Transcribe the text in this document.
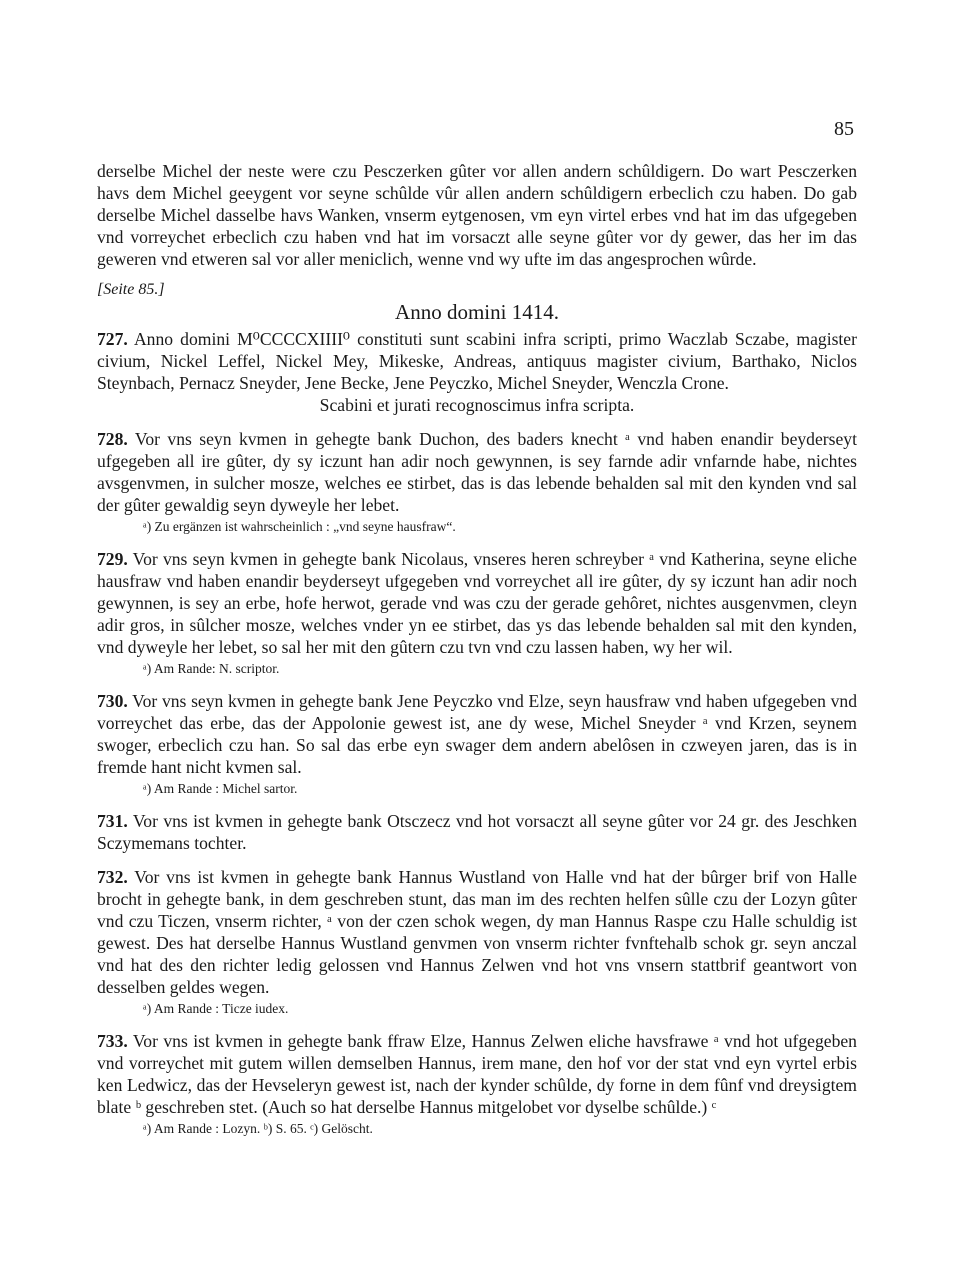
85

derselbe Michel der neste were czu Pesczerken gûter vor allen andern schûldigern. Do wart Pesczerken havs dem Michel geeygent vor seyne schûlde vûr allen andern schûldigern erbeclich czu haben. Do gab derselbe Michel dasselbe havs Wanken, vnserm eytgenosen, vm eyn virtel erbes vnd hat im das ufgegeben vnd vorreychet erbeclich czu haben vnd hat im vorsaczt alle seyne gûter vor dy gewer, das her im das geweren vnd etweren sal vor aller meniclich, wenne vnd wy ufte im das angesprochen wûrde.

[Seite 85.]
Anno domini 1414.

727. Anno domini M⁰CCCCXIIII⁰ constituti sunt scabini infra scripti, primo Waczlab Sczabe, magister civium, Nickel Leffel, Nickel Mey, Mikeske, Andreas, antiquus magister civium, Barthako, Niclos Steynbach, Pernacz Sneyder, Jene Becke, Jene Peyczko, Michel Sneyder, Wenczla Crone.

Scabini et jurati recognoscimus infra scripta.

728. Vor vns seyn kvmen in gehegte bank Duchon, des baders knecht ᵃ vnd haben enandir beyderseyt ufgegeben all ire gûter, dy sy iczunt han adir noch gewynnen, is sey farnde adir vnfarnde habe, nichtes avsgenvmen, in sulcher mosze, welches ee stirbet, das is das lebende behalden sal mit den kynden vnd sal der gûter gewaldig seyn dyweyle her lebet.

ᵃ) Zu ergänzen ist wahrscheinlich : „vnd seyne hausfraw“.

729. Vor vns seyn kvmen in gehegte bank Nicolaus, vnseres heren schreyber ᵃ vnd Katherina, seyne eliche hausfraw vnd haben enandir beyderseyt ufgegeben vnd vorreychet all ire gûter, dy sy iczunt han adir noch gewynnen, is sey an erbe, hofe herwot, gerade vnd was czu der gerade gehôret, nichtes ausgenvmen, cleyn adir gros, in sûlcher mosze, welches vnder yn ee stirbet, das ys das lebende behalden sal mit den kynden, vnd dyweyle her lebet, so sal her mit den gûtern czu tvn vnd czu lassen haben, wy her wil.

ᵃ) Am Rande: N. scriptor.

730. Vor vns seyn kvmen in gehegte bank Jene Peyczko vnd Elze, seyn hausfraw vnd haben ufgegeben vnd vorreychet das erbe, das der Appolonie gewest ist, ane dy wese, Michel Sneyder ᵃ vnd Krzen, seynem swoger, erbeclich czu han. So sal das erbe eyn swager dem andern abelôsen in czweyen jaren, das is in fremde hant nicht kvmen sal.

ᵃ) Am Rande : Michel sartor.

731. Vor vns ist kvmen in gehegte bank Otsczecz vnd hot vorsaczt all seyne gûter vor 24 gr. des Jeschken Sczymemans tochter.

732. Vor vns ist kvmen in gehegte bank Hannus Wustland von Halle vnd hat der bûrger brif von Halle brocht in gehegte bank, in dem geschreben stunt, das man im des rechten helfen sûlle czu der Lozyn gûter vnd czu Ticzen, vnserm richter, ᵃ von der czen schok wegen, dy man Hannus Raspe czu Halle schuldig ist gewest. Des hat derselbe Hannus Wustland genvmen von vnserm richter fvnftehalb schok gr. seyn anczal vnd hat des den richter ledig gelossen vnd Hannus Zelwen vnd hot vns vnsern stattbrif geantwort von desselben geldes wegen.

ᵃ) Am Rande : Ticze iudex.

733. Vor vns ist kvmen in gehegte bank ffraw Elze, Hannus Zelwen eliche havsfrawe ᵃ vnd hot ufgegeben vnd vorreychet mit gutem willen demselben Hannus, irem mane, den hof vor der stat vnd eyn vyrtel erbis ken Ledwicz, das der Hevseleryn gewest ist, nach der kynder schûlde, dy forne in dem fûnf vnd dreysigtem blate ᵇ geschreben stet. (Auch so hat derselbe Hannus mitgelobet vor dyselbe schûlde.) ᶜ

ᵃ) Am Rande : Lozyn. ᵇ) S. 65. ᶜ) Gelöscht.
